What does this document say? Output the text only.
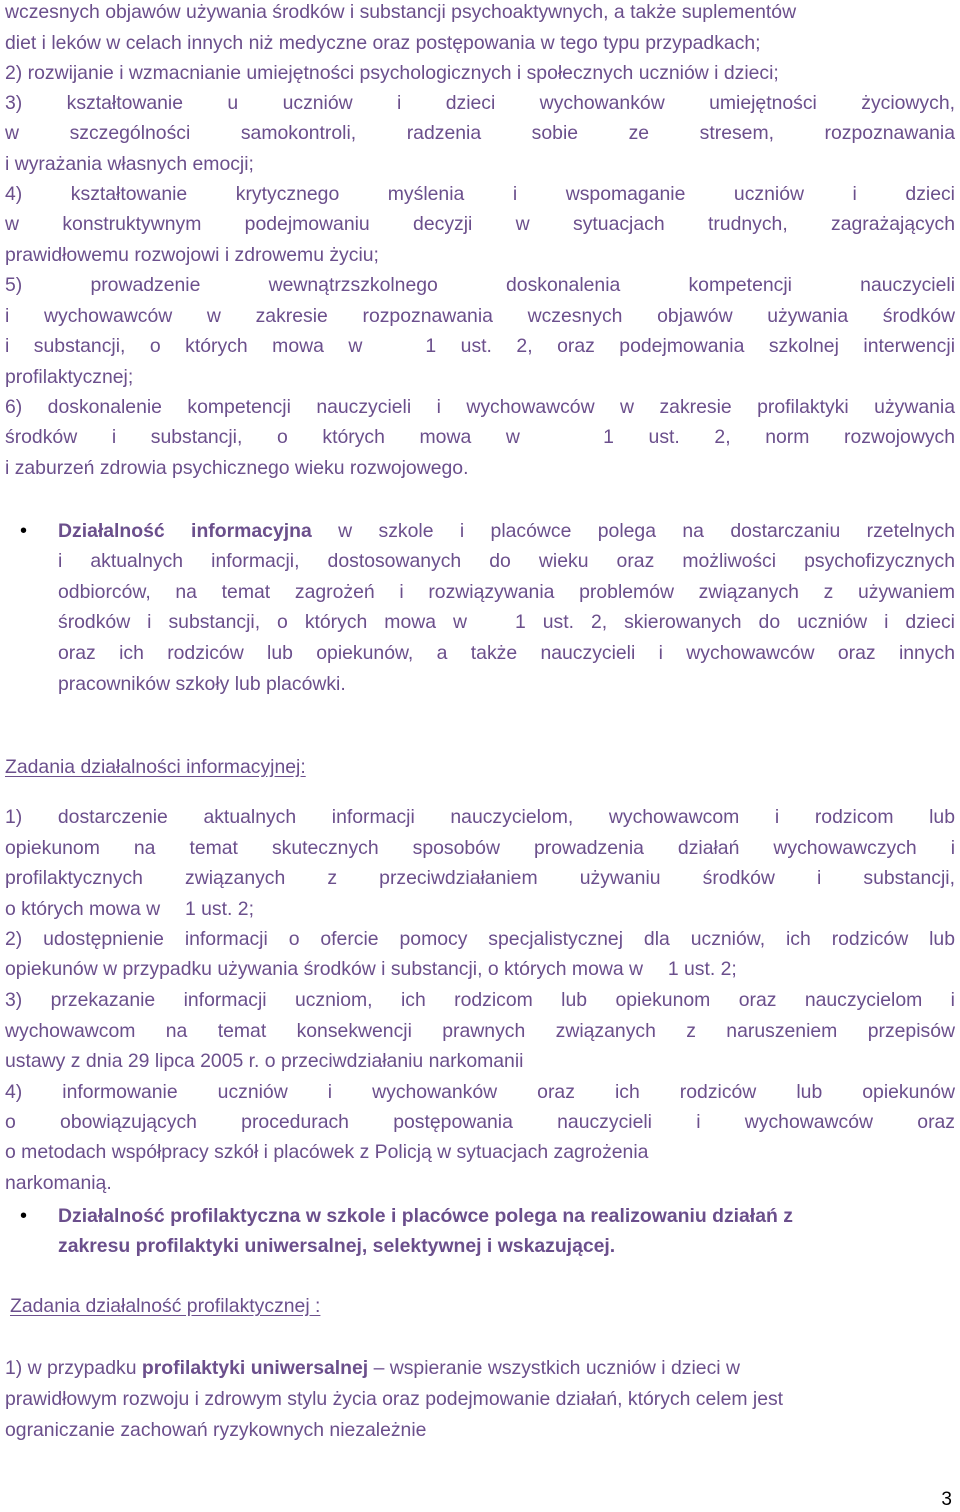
wczesnych objawów używania środków i substancji psychoaktywnych, a także suplementów

diet i leków w celach innych niż medyczne oraz postępowania w tego typu przypadkach;

2) rozwijanie i wzmacnianie umiejętności psychologicznych i społecznych uczniów i dzieci;

3) kształtowanie u uczniów i dzieci wychowanków umiejętności życiowych,

w szczególności samokontroli, radzenia sobie ze stresem, rozpoznawania

i wyrażania własnych emocji;

4) kształtowanie krytycznego myślenia i wspomaganie uczniów i dzieci

w konstruktywnym podejmowaniu decyzji w sytuacjach trudnych, zagrażających

prawidłowemu rozwojowi i zdrowemu życiu;

5) prowadzenie wewnątrzszkolnego doskonalenia kompetencji nauczycieli

i wychowawców w zakresie rozpoznawania wczesnych objawów używania środków

i substancji, o których mowa w	1 ust. 2, oraz podejmowania szkolnej interwencji

profilaktycznej;

6) doskonalenie kompetencji nauczycieli i wychowawców w zakresie profilaktyki używania

środków i substancji, o których mowa w	1 ust. 2, norm rozwojowych

i zaburzeń zdrowia psychicznego wieku rozwojowego.

• Działalność informacyjna w szkole i placówce polega na dostarczaniu rzetelnych

i aktualnych informacji, dostosowanych do wieku oraz możliwości psychofizycznych

odbiorców, na temat zagrożeń i rozwiązywania problemów związanych z używaniem

środków i substancji, o których mowa w 1 ust. 2, skierowanych do uczniów i dzieci

oraz ich rodziców lub opiekunów, a także nauczycieli i wychowawców oraz innych

pracowników szkoły lub placówki.

Zadania działalności informacyjnej:

1) dostarczenie aktualnych informacji nauczycielom, wychowawcom i rodzicom lub

opiekunom na temat skutecznych sposobów prowadzenia działań wychowawczych i

profilaktycznych związanych z przeciwdziałaniem używaniu środków i substancji,

o których mowa w 1 ust. 2;

2) udostępnienie informacji o ofercie pomocy specjalistycznej dla uczniów, ich rodziców lub

opiekunów w przypadku używania środków i substancji, o których mowa w 1 ust. 2;

3) przekazanie informacji uczniom, ich rodzicom lub opiekunom oraz nauczycielom i

wychowawcom na temat konsekwencji prawnych związanych z naruszeniem przepisów

ustawy z dnia 29 lipca 2005 r. o przeciwdziałaniu narkomanii

4) informowanie uczniów i wychowanków oraz ich rodziców lub opiekunów

o obowiązujących procedurach postępowania nauczycieli i wychowawców oraz

o metodach współpracy szkół i placówek z Policją w sytuacjach zagrożenia

narkomanią.

• Działalność profilaktyczna w szkole i placówce polega na realizowaniu działań z

zakresu profilaktyki uniwersalnej, selektywnej i wskazującej.

Zadania działalność profilaktycznej :

1) w przypadku profilaktyki uniwersalnej – wspieranie wszystkich uczniów i dzieci w

prawidłowym rozwoju i zdrowym stylu życia oraz podejmowanie działań, których celem jest

ograniczanie zachowań ryzykownych niezależnie

3
